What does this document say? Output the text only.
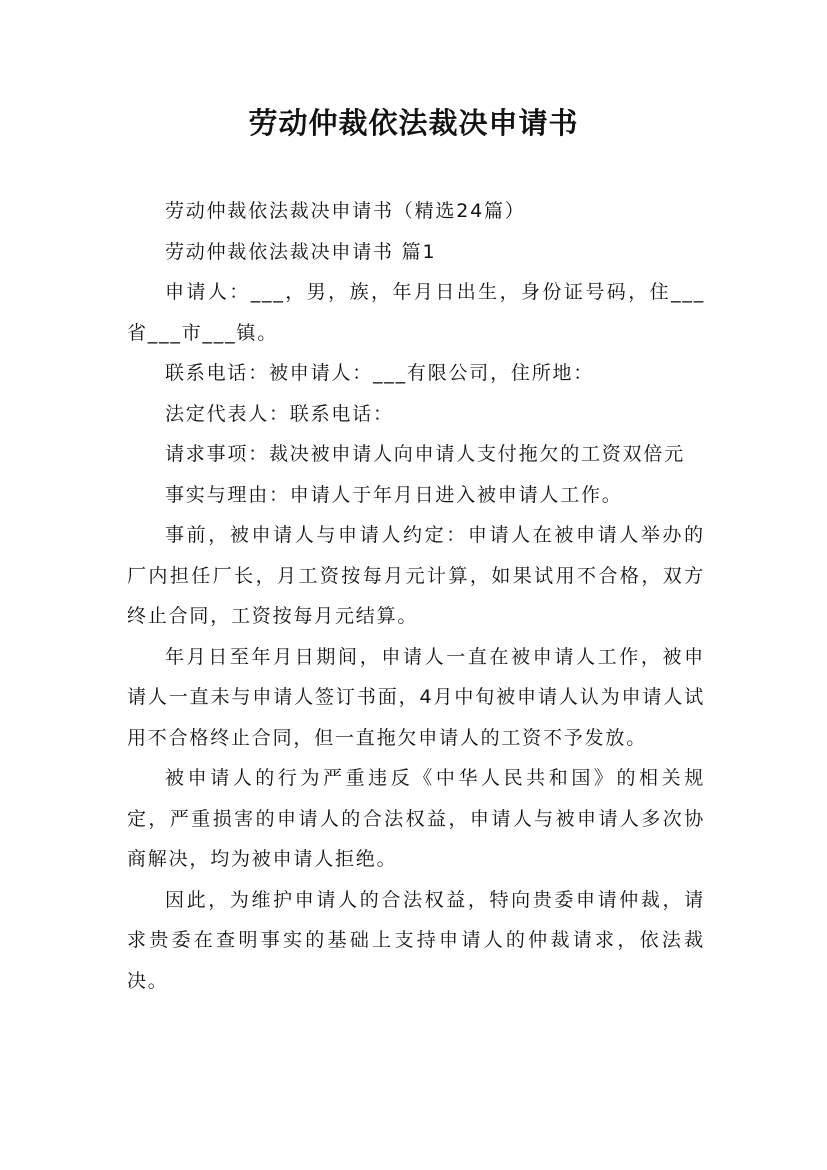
劳动仲裁依法裁决申请书

劳动仲裁依法裁决申请书（精选24篇）

劳动仲裁依法裁决申请书 篇1

申请人：___，男，族，年月日出生，身份证号码，住___省___市___镇。

联系电话：被申请人：___有限公司，住所地：

法定代表人：联系电话：

请求事项：裁决被申请人向申请人支付拖欠的工资双倍元

事实与理由：申请人于年月日进入被申请人工作。

事前，被申请人与申请人约定：申请人在被申请人举办的厂内担任厂长，月工资按每月元计算，如果试用不合格，双方终止合同，工资按每月元结算。

年月日至年月日期间，申请人一直在被申请人工作，被申请人一直未与申请人签订书面，4月中旬被申请人认为申请人试用不合格终止合同，但一直拖欠申请人的工资不予发放。

被申请人的行为严重违反《中华人民共和国》的相关规定，严重损害的申请人的合法权益，申请人与被申请人多次协商解决，均为被申请人拒绝。

因此，为维护申请人的合法权益，特向贵委申请仲裁，请求贵委在查明事实的基础上支持申请人的仲裁请求，依法裁决。
